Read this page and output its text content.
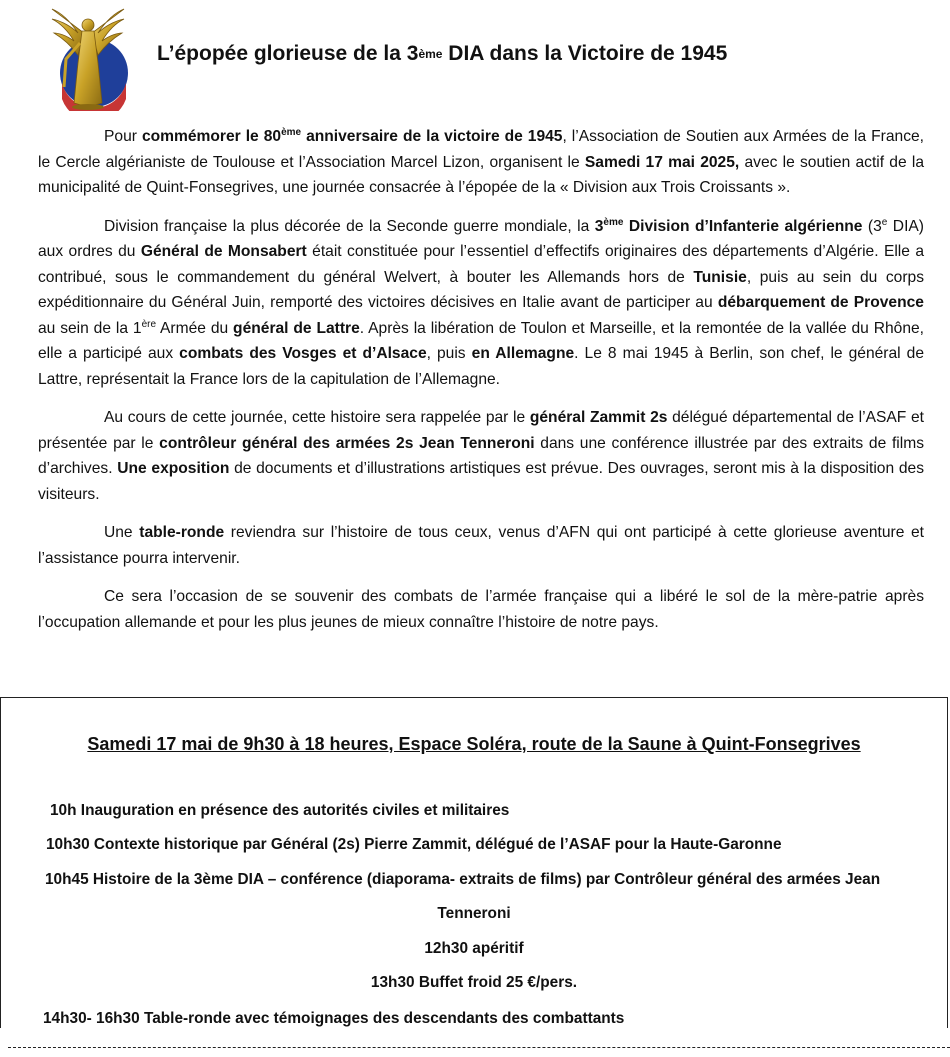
L’épopée glorieuse de la 3ème DIA dans la Victoire de 1945

Pour commémorer le 80ème anniversaire de la victoire de 1945, l’Association de Soutien aux Armées de la France, le Cercle algérianiste de Toulouse et l’Association Marcel Lizon, organisent le Samedi 17 mai 2025, avec le soutien actif de la municipalité de Quint-Fonsegrives, une journée consacrée à l’épopée de la « Division aux Trois Croissants ».

Division française la plus décorée de la Seconde guerre mondiale, la 3ème Division d’Infanterie algérienne (3e DIA) aux ordres du Général de Monsabert était constituée pour l’essentiel d’effectifs originaires des départements d’Algérie. Elle a contribué, sous le commandement du général Welvert, à bouter les Allemands hors de Tunisie, puis au sein du corps expéditionnaire du Général Juin, remporté des victoires décisives en Italie avant de participer au débarquement de Provence au sein de la 1ère Armée du général de Lattre. Après la libération de Toulon et Marseille, et la remontée de la vallée du Rhône, elle a participé aux combats des Vosges et d’Alsace, puis en Allemagne. Le 8 mai 1945 à Berlin, son chef, le général de Lattre, représentait la France lors de la capitulation de l’Allemagne.

Au cours de cette journée, cette histoire sera rappelée par le général Zammit 2s délégué départemental de l’ASAF et présentée par le contrôleur général des armées 2s Jean Tenneroni dans une conférence illustrée par des extraits de films d’archives. Une exposition de documents et d’illustrations artistiques est prévue. Des ouvrages, seront mis à la disposition des visiteurs.

Une table-ronde reviendra sur l’histoire de tous ceux, venus d’AFN qui ont participé à cette glorieuse aventure et l’assistance pourra intervenir.

Ce sera l’occasion de se souvenir des combats de l’armée française qui a libéré le sol de la mère-patrie après l’occupation allemande et pour les plus jeunes de mieux connaître l’histoire de notre pays.

Samedi 17 mai de 9h30 à 18 heures, Espace Soléra, route de la Saune à Quint-Fonsegrives

10h Inauguration en présence des autorités civiles et militaires

10h30 Contexte historique par Général (2s) Pierre Zammit, délégué de l’ASAF pour la Haute-Garonne

10h45 Histoire de la 3ème DIA – conférence (diaporama- extraits de films) par Contrôleur général des armées Jean

Tenneroni

12h30 apéritif

13h30 Buffet froid 25 €/pers.

14h30- 16h30 Table-ronde avec témoignages des descendants des combattants
